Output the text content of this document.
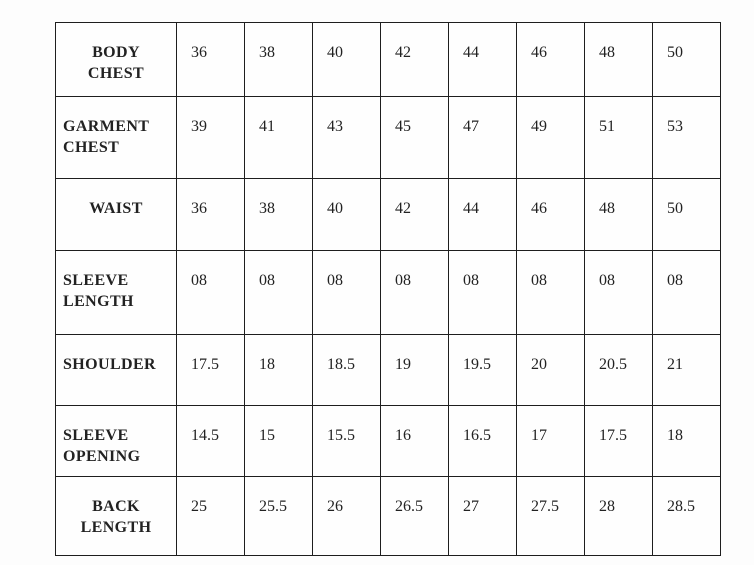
BODY
CHEST	36	38	40	42	44	46	48	50
GARMENT
CHEST	39	41	43	45	47	49	51	53
WAIST	36	38	40	42	44	46	48	50
SLEEVE
LENGTH	08	08	08	08	08	08	08	08
SHOULDER	17.5	18	18.5	19	19.5	20	20.5	21
SLEEVE
OPENING	14.5	15	15.5	16	16.5	17	17.5	18
BACK
LENGTH	25	25.5	26	26.5	27	27.5	28	28.5
